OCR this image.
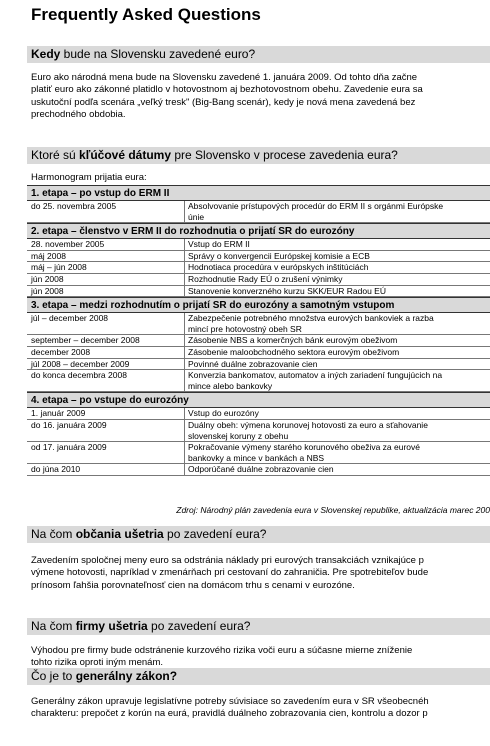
Frequently Asked Questions
Kedy bude na Slovensku zavedené euro?
Euro ako národná mena bude na Slovensku zavedené 1. januára 2009. Od tohto dňa začne
platiť euro ako zákonné platidlo v hotovostnom aj bezhotovostnom obehu. Zavedenie eura sa
uskutoční podľa scenára „veľký tresk" (Big-Bang scenár), kedy je nová mena zavedená bez
prechodného obdobia.
Ktoré sú kľúčové dátumy pre Slovensko v procese zavedenia eura?
Harmonogram prijatia eura:
1. etapa – po vstup do ERM II
do 25. novembra 2005	Absolvovanie prístupových procedúr do ERM II s orgánmi Európske
únie
2. etapa – členstvo v ERM II do rozhodnutia o prijatí SR do eurozóny
28. november 2005	Vstup do ERM II
máj 2008	Správy o konvergencii Európskej komisie a ECB
máj – jún 2008	Hodnotiaca procedúra v európskych inštitúciách
jún 2008	Rozhodnutie Rady EÚ o zrušení výnimky
jún 2008	Stanovenie konverzného kurzu SKK/EUR Radou EÚ
3. etapa – medzi rozhodnutím o prijatí SR do eurozóny a samotným vstupom
júl – december 2008	Zabezpečenie potrebného množstva eurových bankoviek a razba
mincí pre hotovostný obeh SR
september – december 2008	Zásobenie NBS a komerčných bánk eurovým obeživom
december 2008	Zásobenie maloobchodného sektora eurovým obeživom
júl 2008 – december 2009	Povinné duálne zobrazovanie cien
do konca decembra 2008	Konverzia bankomatov, automatov a iných zariadení fungujúcich na
mince alebo bankovky
4. etapa – po vstupe do eurozóny
1. január 2009	Vstup do eurozóny
do 16. januára 2009	Duálny obeh: výmena korunovej hotovosti za euro a sťahovanie
slovenskej koruny z obehu
od 17. januára 2009	Pokračovanie výmeny starého korunového obeživa za eurové
bankovky a mince v bankách a NBS
do júna 2010	Odporúčané duálne zobrazovanie cien
Zdroj: Národný plán zavedenia eura v Slovenskej republike, aktualizácia marec 200
Na čom občania ušetria po zavedení eura?
Zavedením spoločnej meny euro sa odstránia náklady pri eurových transakciách vznikajúce p
výmene hotovosti, napríklad v zmenárňach pri cestovaní do zahraničia. Pre spotrebiteľov bude
prínosom ľahšia porovnateľnosť cien na domácom trhu s cenami v eurozóne.
Na čom firmy ušetria po zavedení eura?
Výhodou pre firmy bude odstránenie kurzového rizika voči euru a súčasne mierne zníženie
tohto rizika oproti iným menám.
Čo je to generálny zákon?
Generálny zákon upravuje legislatívne potreby súvisiace so zavedením eura v SR všeobecnéh
charakteru: prepočet z korún na eurá, pravidlá duálneho zobrazovania cien, kontrolu a dozor p
